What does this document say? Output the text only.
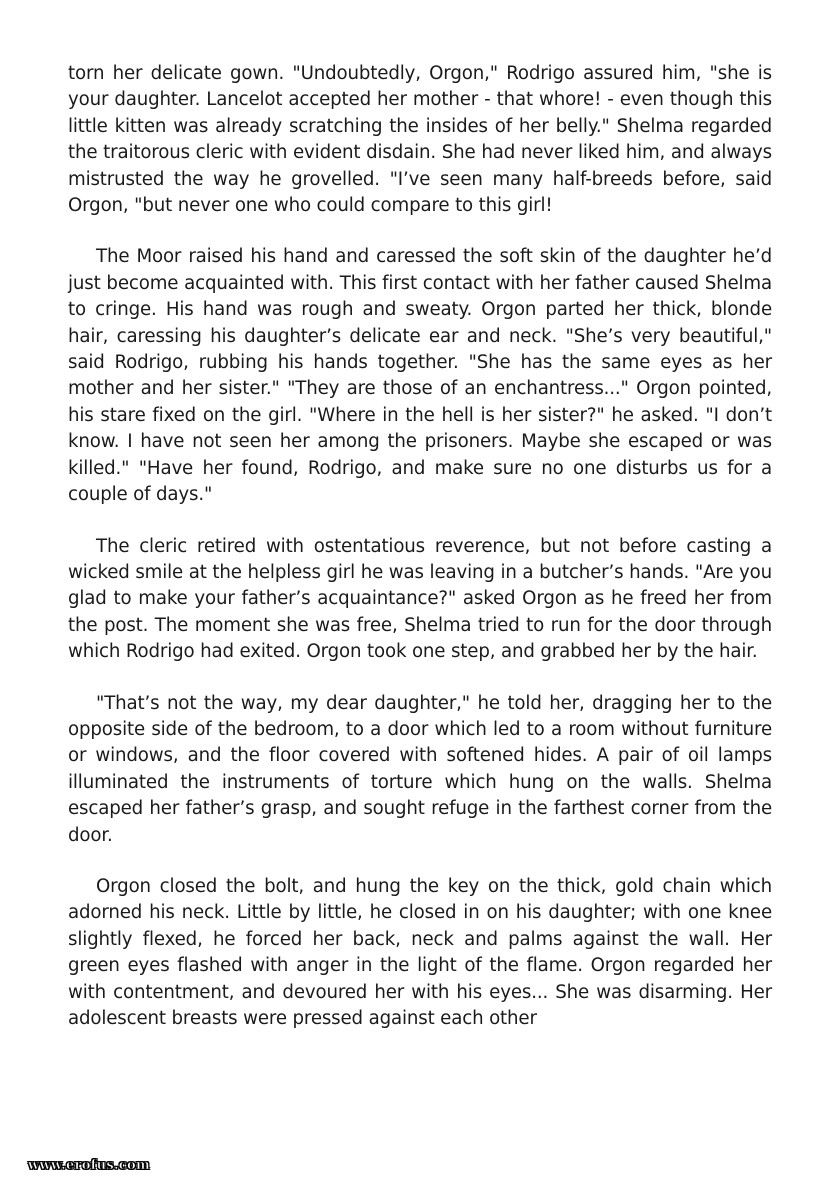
torn her delicate gown. "Undoubtedly, Orgon," Rodrigo assured him, "she is your daughter. Lancelot accepted her mother - that whore! - even though this little kitten was already scratching the insides of her belly." Shelma regarded the traitorous cleric with evident disdain. She had never liked him, and always mistrusted the way he grovelled. "I’ve seen many half-breeds before, said Orgon, "but never one who could compare to this girl!

The Moor raised his hand and caressed the soft skin of the daughter he’d just become acquainted with. This first contact with her father caused Shelma to cringe. His hand was rough and sweaty. Orgon parted her thick, blonde hair, caressing his daughter’s delicate ear and neck. "She’s very beautiful," said Rodrigo, rubbing his hands together. "She has the same eyes as her mother and her sister." "They are those of an enchantress..." Orgon pointed, his stare fixed on the girl. "Where in the hell is her sister?" he asked. "I don’t know. I have not seen her among the prisoners. Maybe she escaped or was killed." "Have her found, Rodrigo, and make sure no one disturbs us for a couple of days."

The cleric retired with ostentatious reverence, but not before casting a wicked smile at the helpless girl he was leaving in a butcher’s hands. "Are you glad to make your father’s acquaintance?" asked Orgon as he freed her from the post. The moment she was free, Shelma tried to run for the door through which Rodrigo had exited. Orgon took one step, and grabbed her by the hair.

"That’s not the way, my dear daughter," he told her, dragging her to the opposite side of the bedroom, to a door which led to a room without furniture or windows, and the floor covered with softened hides. A pair of oil lamps illuminated the instruments of torture which hung on the walls. Shelma escaped her father’s grasp, and sought refuge in the farthest corner from the door.

Orgon closed the bolt, and hung the key on the thick, gold chain which adorned his neck. Little by little, he closed in on his daughter; with one knee slightly flexed, he forced her back, neck and palms against the wall. Her green eyes flashed with anger in the light of the flame. Orgon regarded her with contentment, and devoured her with his eyes... She was disarming. Her adolescent breasts were pressed against each other

www.erofus.com
